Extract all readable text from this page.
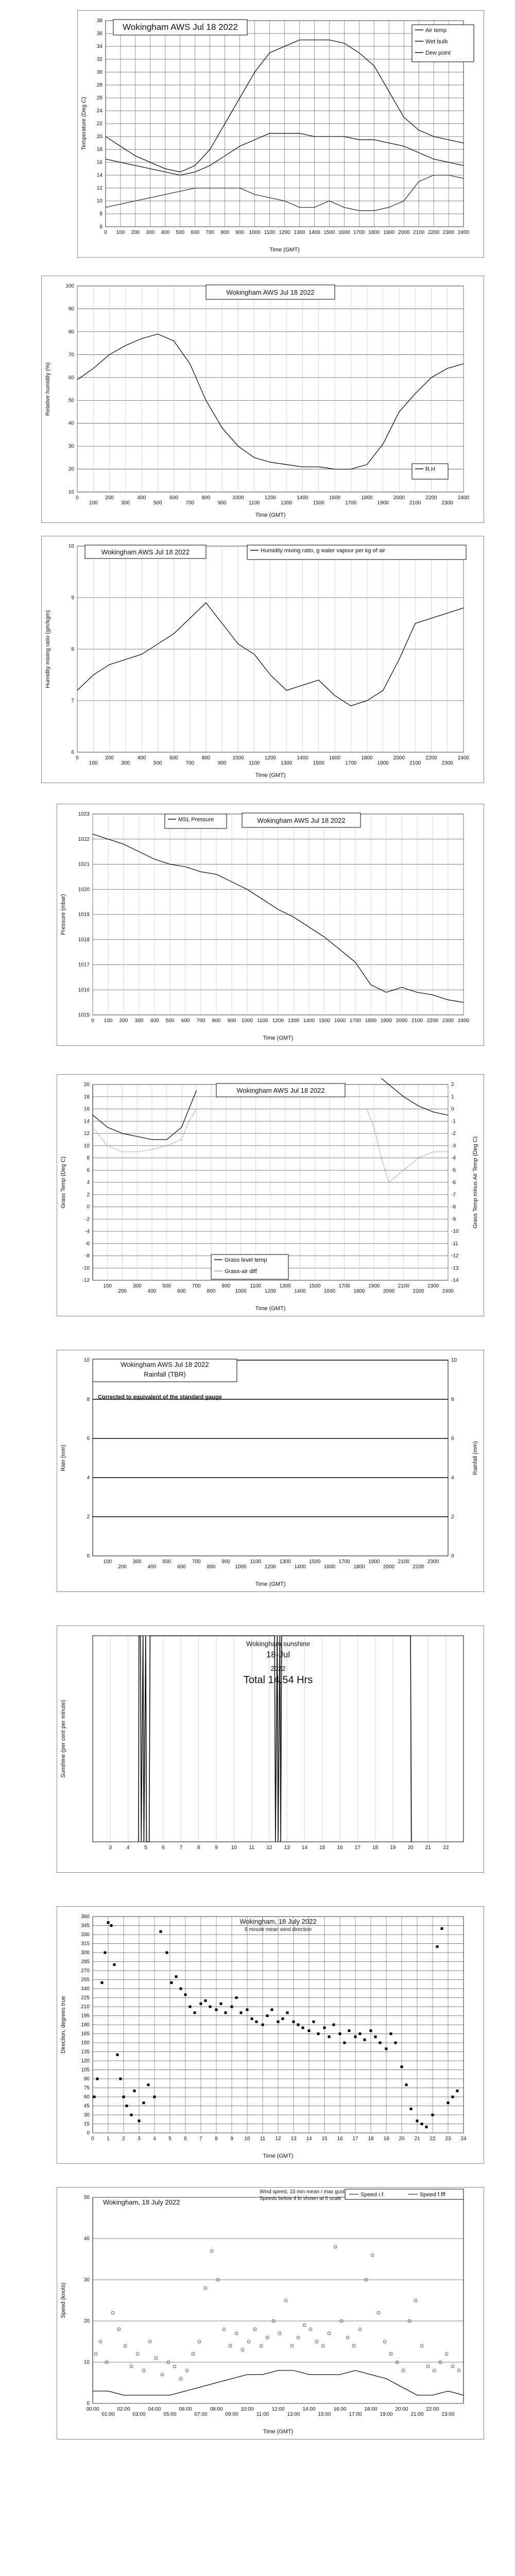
6
8
10
12
14
16
18
20
22
24
26
28
30
32
34
36
38
0 100 200 300 400 500 600 700 800 900 1000 1100 1200 1300 1400 1500 1600 1700 1800 1900 2000 2100 2200 2300 2400
Time (GMT)
Temperature (Deg C)
Wokingham AWS Jul 18 2022	Air temp
Wet bulb
Dew point
10
20
30
40
50
60
70
80
90
100
0
100
200
300
400
500
600
700
800
900
1000
1100
1200
1300
1400
1500
1600
1700
1800
1900
2000
2100
2200
2300
2400
Time (GMT)
Relative humidity (%)
Wokingham AWS Jul 18 2022
R.H
6
7
8
9
10
0
100
200
300
400
500
600
700
800
900
1000
1100
1200
1300
1400
1500
1600
1700
1800
1900
2000
2100
2200
2300
2400
Time (GMT)
Humidity mixing ratio (gm/kgm)
Wokingham AWS Jul 18 2022	Humidity mixing ratio, g water vapour per kg of air
1015
1016
1017
1018
1019
1020
1021
1022
1023
0 100 200 300 400 500 600 700 800 900 1000 1100 1200 1300 1400 1500 1600 1700 1800 1900 2000 2100 2200 2300 2400
Time (GMT)
Pressure (mbar)
Wokingham AWS Jul 18 2022
MSL Pressure
-12
-10
-8
-6
-4
-2
0
2
4
6
8
10
12
14
16
18
20
100
200
300
400
500
600
700
800
900
1000
1100
1200
1300
1400
1500
1600
1700
1800
1900
2000
2100
2200
2300
2400
Time (GMT)
Grass Temp (Deg C)	Grass Temp minus Air Temp (Deg C)
-14
-13
-12
-11
-10
-9
-8
-7
-6
-5
-4
-3
-2
-1
0
1
2
Wokingham AWS Jul 18 2022
Grass level temp
Grass-air diff
0
2
4
6
8
10
100
200
300
400
500
600
700
800
900
1000
1100
1200
1300
1400
1500
1600
1700
1800
1900
2000
2100
2200
2300
Time (GMT)
Rain (mm)	Rainfall (mm)
0
2
4
6
8
10
Wokingham AWS Jul 18 2022
Rainfall (TBR)
Corrected to equivalent of the standard gauge
3	4	5	6	7	8	9	10 11 12 13 14 15 16 17 18 19 20 21 22
Sunshine (per cent per minute)
Wokingham sunshine
18-Jul
2022
Total 14.54 Hrs
0
15
30
45
60
75
90
105
120
135
150
165
180
195
210
225
240
255
270
285
300
315
330
345
360
0 1 2 3 4 5 6 7 8 9 10 11 12 13 14 15 16 17 18 19 20 21 22 23 24
Time (GMT)
Direction, degrees true
Wokingham, 18 July 2022
5 minute mean wind direction
0
10
20
30
40
50
00:00
01:00
02:00
03:00
04:00
05:00
06:00
07:00
08:00
09:00
10:00
11:00
12:00
13:00
14:00
15:00
16:00
17:00
18:00
19:00
20:00
21:00
22:00
23:00
Time (GMT)
Speed (knots)
Wokingham, 18 July 2022
Wind speed, 15 min mean / max gust
Speeds below 4 kt shown at 0 scale
Speed r.f.	Speed f.fff
